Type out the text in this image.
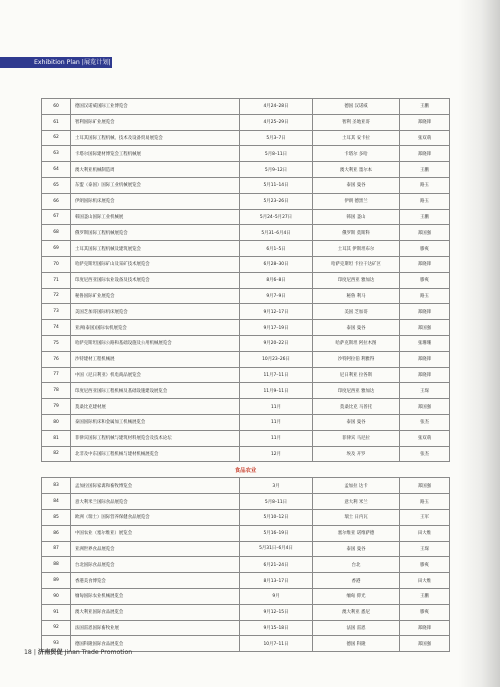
Exhibition Plan |展览计划|
60	德国汉诺威国际工业博览会	4月24–28日	德国 汉诺威	王鹏
61	智利国际矿业展览会	4月25–29日	智利 圣地亚哥	郑晓锋
62	土耳其国际工程机械、技术及设备贸易展览会	5月3–7日	土耳其 安卡拉	张双萌
63	卡塔尔国际建材博览会工程机械展	5月8–11日	卡塔尔 多哈	郑晓锋
64	澳大利亚机械制造周	5月9–12日	澳大利亚 墨尔本	王鹏
65	东盟（泰国）国际工业机械展览会	5月11–14日	泰国 曼谷	路玉
66	伊朗国际机床展览会	5月23–26日	伊朗 德黑兰	路玉
67	韩国釜山国际工业机械展	5月24–5月27日	韩国 釜山	王鹏
68	俄罗斯国际工程机械展览会	5月31–6月4日	俄罗斯 莫斯科	郑国强
69	土耳其国际工程机械及建筑展览会	6月1–5日	土耳其 伊斯坦布尔	滕爽
70	哈萨克斯坦国际矿山及采矿技术展览会	6月28–30日	哈萨克斯坦 卡拉干达矿区	郑晓锋
71	印度尼西亚国际农业设备及技术展览会	8月6–8日	印度尼西亚 雅加达	滕爽
72	秘鲁国际矿业展览会	9月7–9日	秘鲁 利马	路玉
73	美国芝加哥国际机床展览会	9月12–17日	美国 芝加哥	郑晓锋
74	亚洲(泰国)国际农机展览会	9月17–19日	泰国 曼谷	郑国强
75	哈萨克斯坦国际公路和基础设施及公用机械展览会	9月20–22日	哈萨克斯坦 阿拉木图	张珊珊
76	沙特建材工程机械展	10月23–26日	沙特阿拉伯 利雅得	郑晓锋
77	中国（尼日利亚）机电商品展览会	11月7–11日	尼日利亚 拉各斯	郑晓锋
78	印度尼西亚国际工程机械及基础设施建设展览会	11月9–11日	印度尼西亚 雅加达	王琛
79	莫桑比克建材展	11月	莫桑比克 马普托	郑国强
80	泰国国际机床和金属加工机械展览会	11月	泰国 曼谷	张杰
81	菲律宾国际工程机械与建筑材料展览会及技术论坛	11月	菲律宾 马尼拉	张双萌
82	北非及中东国际工程机械与建材机械展览会	12月	埃及 开罗	张杰
食品农业				
83	孟加拉国际家禽和畜牧博览会	3月	孟加拉 达卡	郑国强
84	意大利米兰国际食品展览会	5月8–11日	意大利 米兰	路玉
85	欧洲（瑞士）国际营养保健食品展览会	5月10–12日	瑞士 日内瓦	王军
86	中国农业（塞尔维亚）展览会	5月16–19日	塞尔维亚 诺维萨德	田大维
87	亚洲世界食品展览会	5月31日–6月4日	泰国 曼谷	王琛
88	台北国际食品展览会	6月21–24日	台北	滕爽
89	香港美食博览会	8月13–17日	香港	田大维
90	缅甸国际农业机械展览会	9月	缅甸 仰光	王鹏
91	澳大利亚国际食品展览会	9月12–15日	澳大利亚 悉尼	滕爽
92	法国雷恩国际畜牧业展	9月15–18日	法国 雷恩	郑晓锋
93	德国科隆国际食品展览会	10月7–11日	德国 科隆	郑国强
18 | 济南贸促 Jinan Trade Promotion
